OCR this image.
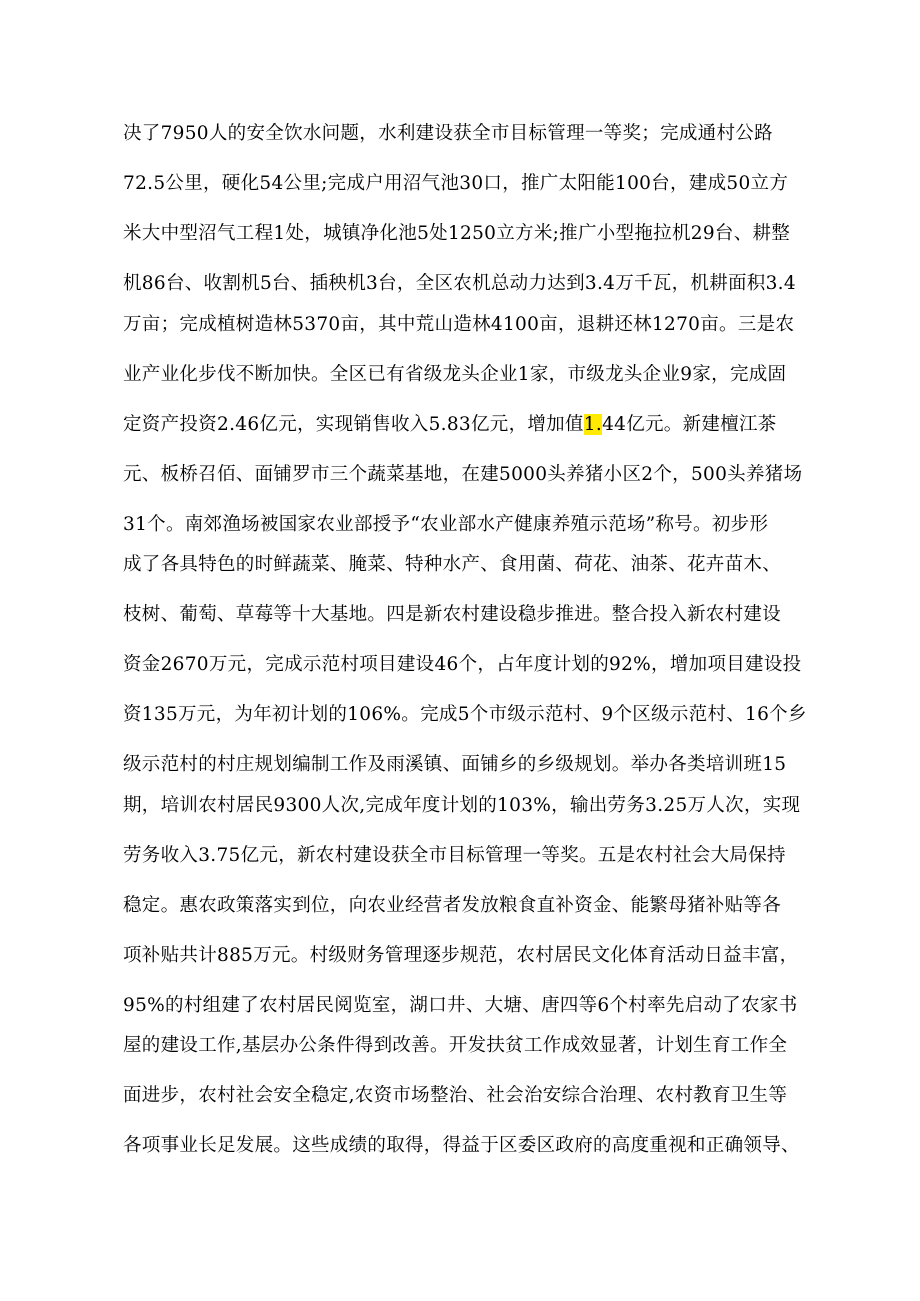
决了7950人的安全饮水问题，水利建设获全市目标管理一等奖；完成通村公路
72.5公里，硬化54公里;完成户用沼气池30口，推广太阳能100台，建成50立方
米大中型沼气工程1处，城镇净化池5处1250立方米;推广小型拖拉机29台、耕整
机86台、收割机5台、插秧机3台，全区农机总动力达到3.4万千瓦，机耕面积3.4
万亩；完成植树造林5370亩，其中荒山造林4100亩，退耕还林1270亩。三是农
业产业化步伐不断加快。全区已有省级龙头企业1家，市级龙头企业9家，完成固
定资产投资2.46亿元，实现销售收入5.83亿元，增加值1.44亿元。新建檀江茶
元、板桥召佰、面铺罗市三个蔬菜基地，在建5000头养猪小区2个，500头养猪场
31个。南郊渔场被国家农业部授予“农业部水产健康养殖示范场”称号。初步形
成了各具特色的时鲜蔬菜、腌菜、特种水产、食用菌、荷花、油茶、花卉苗木、
枝树、葡萄、草莓等十大基地。四是新农村建设稳步推进。整合投入新农村建设
资金2670万元，完成示范村项目建设46个，占年度计划的92%，增加项目建设投
资135万元，为年初计划的106%。完成5个市级示范村、9个区级示范村、16个乡
级示范村的村庄规划编制工作及雨溪镇、面铺乡的乡级规划。举办各类培训班15
期，培训农村居民9300人次,完成年度计划的103%，输出劳务3.25万人次，实现
劳务收入3.75亿元，新农村建设获全市目标管理一等奖。五是农村社会大局保持
稳定。惠农政策落实到位，向农业经营者发放粮食直补资金、能繁母猪补贴等各
项补贴共计885万元。村级财务管理逐步规范，农村居民文化体育活动日益丰富，
95%的村组建了农村居民阅览室，湖口井、大塘、唐四等6个村率先启动了农家书
屋的建设工作,基层办公条件得到改善。开发扶贫工作成效显著，计划生育工作全
面进步，农村社会安全稳定,农资市场整治、社会治安综合治理、农村教育卫生等
各项事业长足发展。这些成绩的取得，得益于区委区政府的高度重视和正确领导、
